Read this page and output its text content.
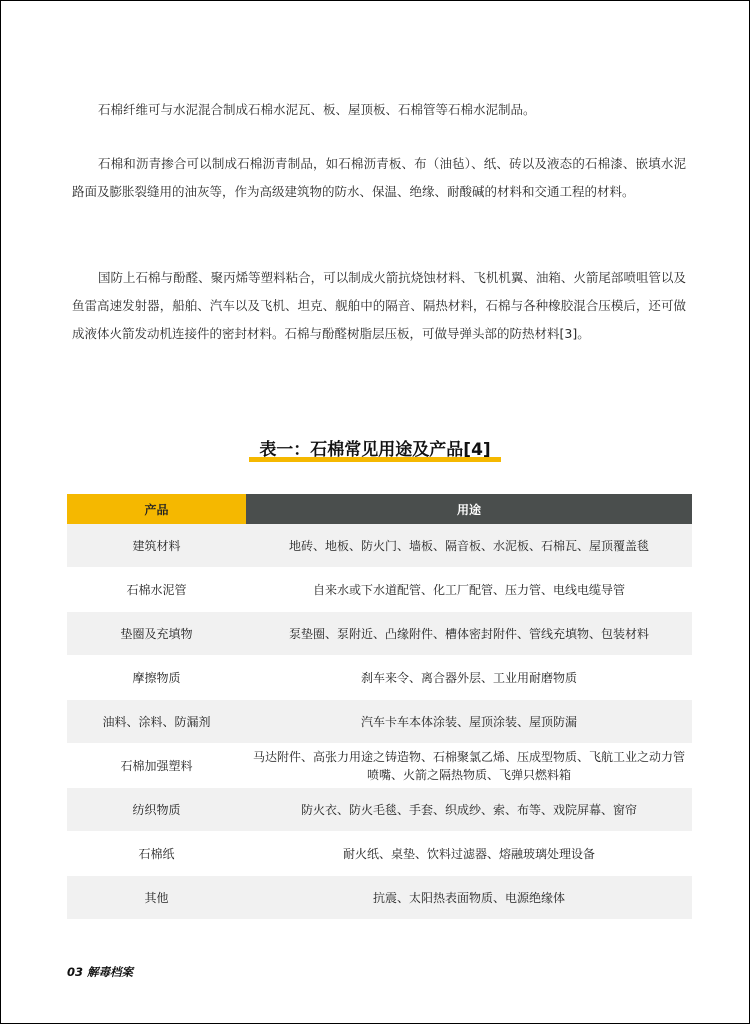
石棉纤维可与水泥混合制成石棉水泥瓦、板、屋顶板、石棉管等石棉水泥制品。

石棉和沥青掺合可以制成石棉沥青制品，如石棉沥青板、布（油毡）、纸、砖以及液态的石棉漆、嵌填水泥路面及膨胀裂缝用的油灰等，作为高级建筑物的防水、保温、绝缘、耐酸碱的材料和交通工程的材料。

国防上石棉与酚醛、聚丙烯等塑料粘合，可以制成火箭抗烧蚀材料、飞机机翼、油箱、火箭尾部喷咀管以及鱼雷高速发射器，船舶、汽车以及飞机、坦克、舰舶中的隔音、隔热材料，石棉与各种橡胶混合压模后，还可做成液体火箭发动机连接件的密封材料。石棉与酚醛树脂层压板，可做导弹头部的防热材料[3]。

表一：石棉常见用途及产品[4]
产品	用途
建筑材料	地砖、地板、防火门、墙板、隔音板、水泥板、石棉瓦、屋顶覆盖毯
石棉水泥管	自来水或下水道配管、化工厂配管、压力管、电线电缆导管
垫圈及充填物	泵垫圈、泵附近、凸缘附件、槽体密封附件、管线充填物、包装材料
摩擦物质	刹车来令、离合器外层、工业用耐磨物质
油料、涂料、防漏剂	汽车卡车本体涂装、屋顶涂装、屋顶防漏
石棉加强塑料	马达附件、高张力用途之铸造物、石棉聚氯乙烯、压成型物质、飞航工业之动力管喷嘴、火箭之隔热物质、飞弹只燃料箱
纺织物质	防火衣、防火毛毯、手套、织成纱、索、布等、戏院屏幕、窗帘
石棉纸	耐火纸、桌垫、饮料过滤器、熔融玻璃处理设备
其他	抗震、太阳热表面物质、电源绝缘体
03 解毒档案
